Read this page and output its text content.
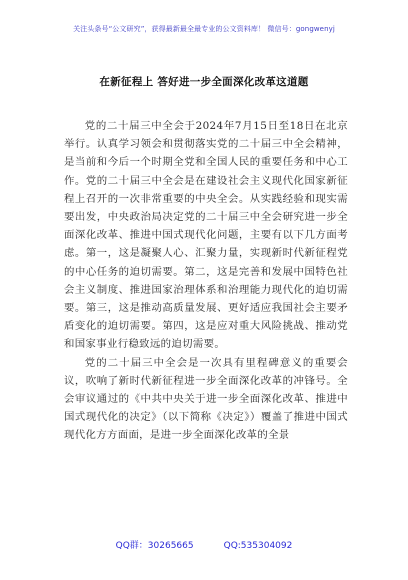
关注头条号“公文研究”，获得最新最全最专业的公文资料库！ 微信号：gongwenyj
在新征程上 答好进一步全面深化改革这道题

党的二十届三中全会于2024年7月15日至18日在北京举行。认真学习领会和贯彻落实党的二十届三中全会精神，是当前和今后一个时期全党和全国人民的重要任务和中心工作。党的二十届三中全会是在建设社会主义现代化国家新征程上召开的一次非常重要的中央全会。从实践经验和现实需要出发，中央政治局决定党的二十届三中全会研究进一步全面深化改革、推进中国式现代化问题，主要有以下几方面考虑。第一，这是凝聚人心、汇聚力量，实现新时代新征程党的中心任务的迫切需要。第二，这是完善和发展中国特色社会主义制度、推进国家治理体系和治理能力现代化的迫切需要。第三，这是推动高质量发展、更好适应我国社会主要矛盾变化的迫切需要。第四，这是应对重大风险挑战、推动党和国家事业行稳致远的迫切需要。

党的二十届三中全会是一次具有里程碑意义的重要会议，吹响了新时代新征程进一步全面深化改革的冲锋号。全会审议通过的《中共中央关于进一步全面深化改革、推进中国式现代化的决定》（以下简称《决定》）覆盖了推进中国式现代化方方面面，是进一步全面深化改革的全景

QQ群：30265665	QQ:535304092
